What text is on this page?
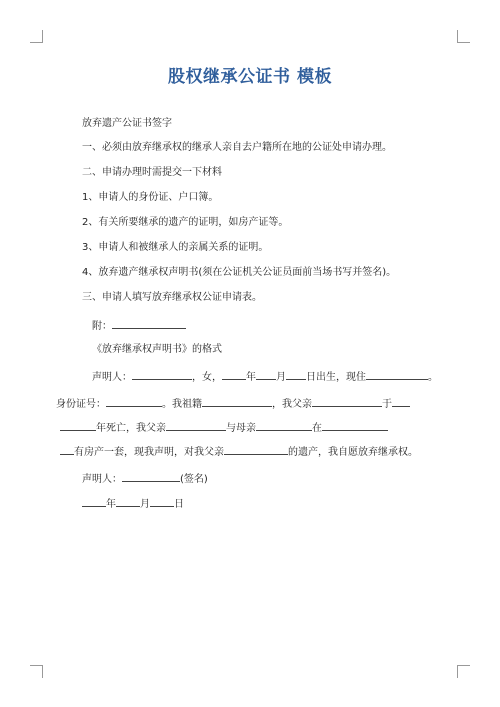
股权继承公证书 模板
放弃遗产公证书签字
一、必须由放弃继承权的继承人亲自去户籍所在地的公证处申请办理。
二、申请办理时需提交一下材料
1、申请人的身份证、户口簿。
2、有关所要继承的遗产的证明，如房产证等。
3、申请人和被继承人的亲属关系的证明。
4、放弃遗产继承权声明书(须在公证机关公证员面前当场书写并签名)。
三、申请人填写放弃继承权公证申请表。
附：
《放弃继承权声明书》的格式
声明人：	，女， 年 月 日出生，现住	。
身份证号：	。我祖籍	，我父亲	于
年死亡，我父亲	与母亲	在
有房产一套，现我声明，对我父亲	的遗产，我自愿放弃继承权。
声明人：	(签名)
年 月 日
